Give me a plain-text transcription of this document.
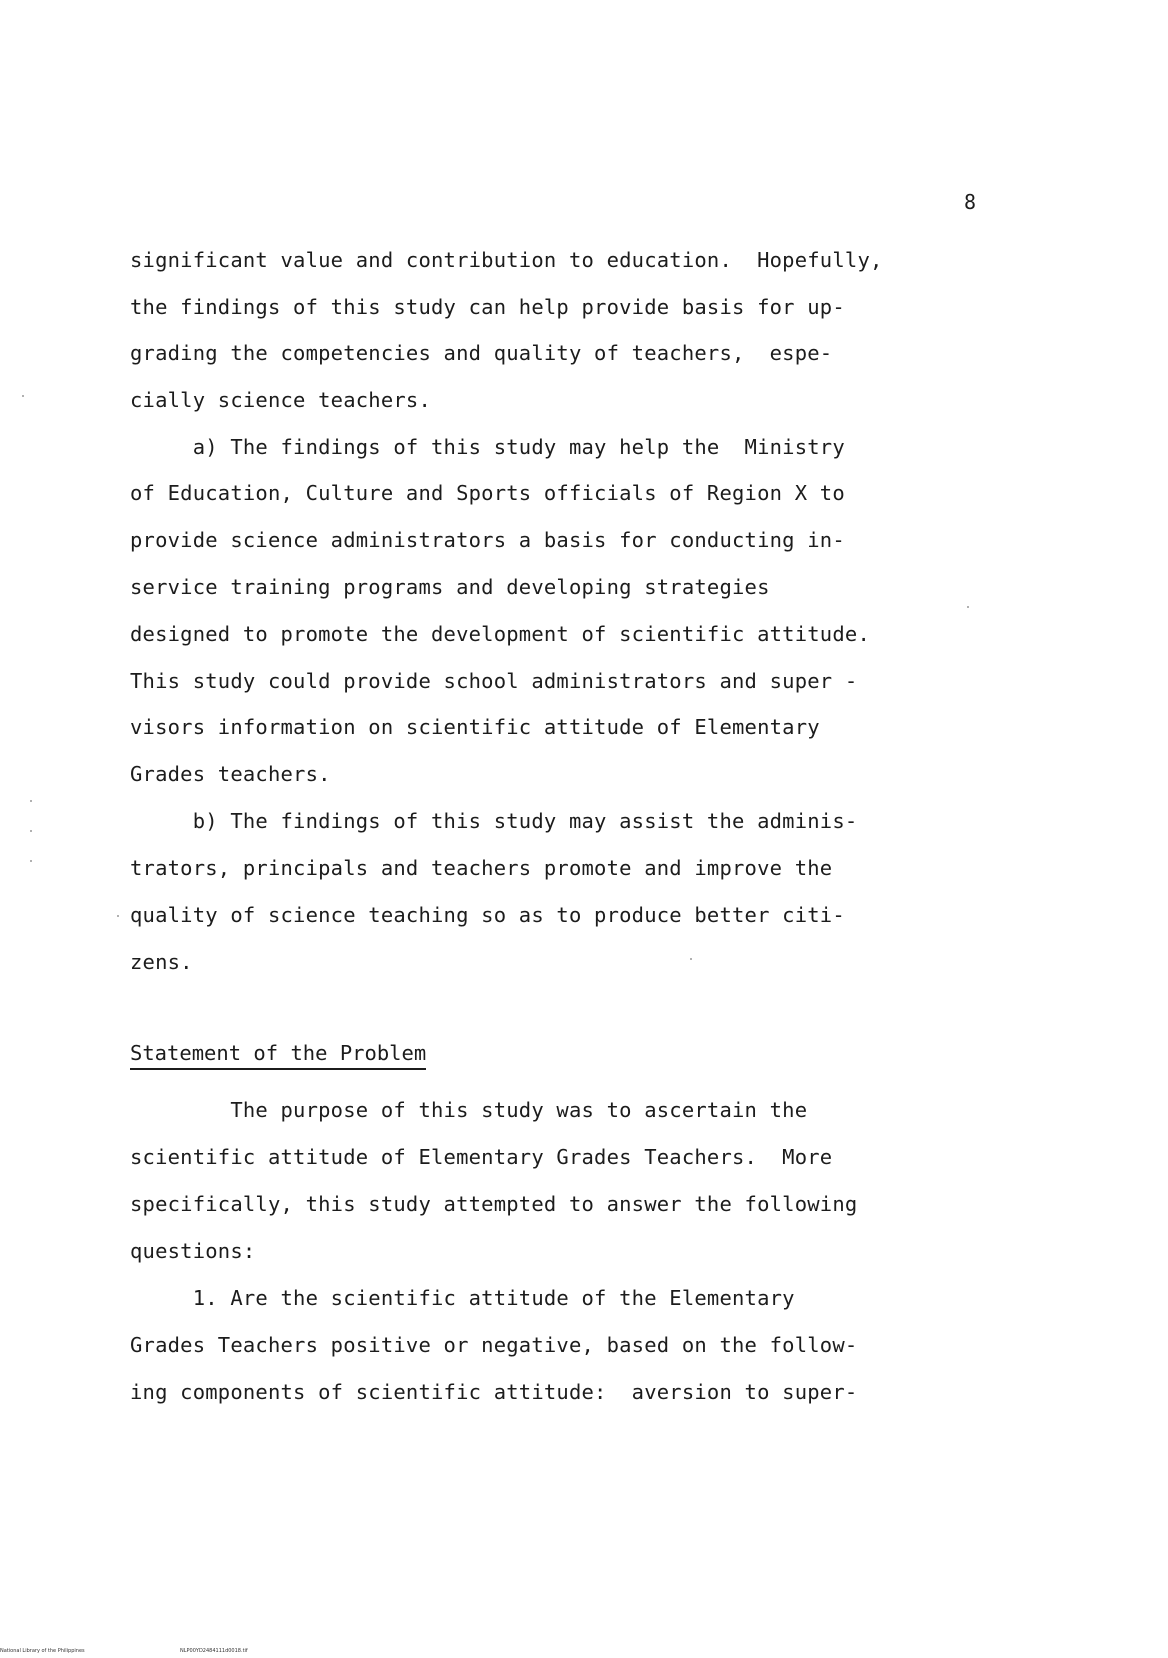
8
significant value and contribution to education.  Hopefully,
the findings of this study can help provide basis for up-
grading the competencies and quality of teachers,  espe-
cially science teachers.
a) The findings of this study may help the  Ministry
of Education, Culture and Sports officials of Region X to
provide science administrators a basis for conducting in-
service training programs and developing strategies
designed to promote the development of scientific attitude.
This study could provide school administrators and super -
visors information on scientific attitude of Elementary
Grades teachers.
b) The findings of this study may assist the adminis-
trators, principals and teachers promote and improve the
quality of science teaching so as to produce better citi-
zens.
Statement of the Problem
The purpose of this study was to ascertain the
scientific attitude of Elementary Grades Teachers.  More
specifically, this study attempted to answer the following
questions:
1. Are the scientific attitude of the Elementary
Grades Teachers positive or negative, based on the follow-
ing components of scientific attitude:  aversion to super-
National Library of the Philippines	NLP00YD2484111d0018.tif
